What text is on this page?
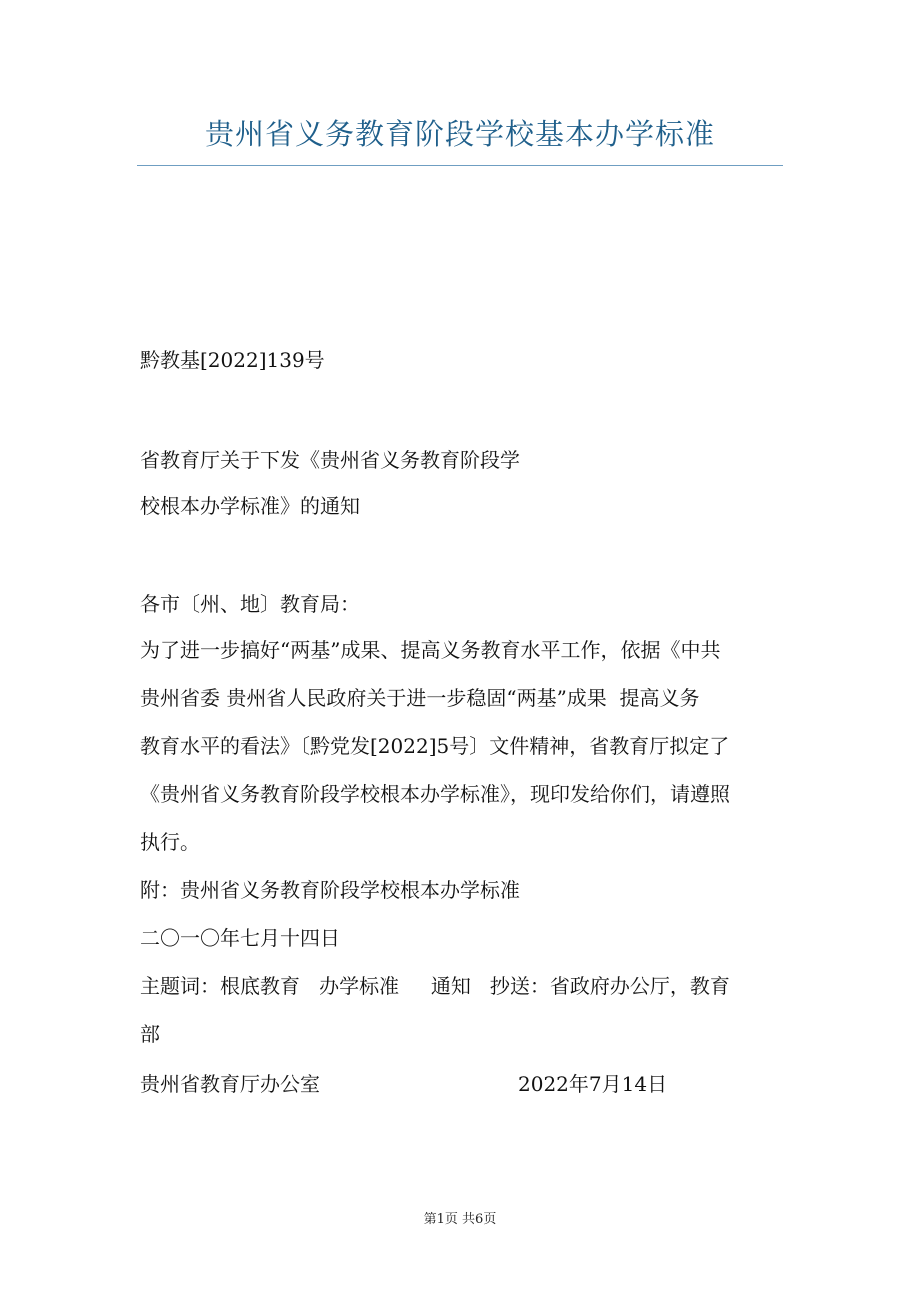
贵州省义务教育阶段学校基本办学标准
黔教基[2022]139号
省教育厅关于下发《贵州省义务教育阶段学
校根本办学标准》的通知
各市〔州、地〕教育局：
为了进一步搞好“两基”成果、提高义务教育水平工作，依据《中共
贵州省委 贵州省人民政府关于进一步稳固“两基”成果  提高义务
教育水平的看法》〔黔党发[2022]5号〕文件精神，省教育厅拟定了
《贵州省义务教育阶段学校根本办学标准》，现印发给你们，请遵照
执行。
附：贵州省义务教育阶段学校根本办学标准
二〇一〇年七月十四日
主题词：根底教育   办学标准     通知   抄送：省政府办公厅，教育
部
贵州省教育厅办公室	2022年7月14日
第1页 共6页
